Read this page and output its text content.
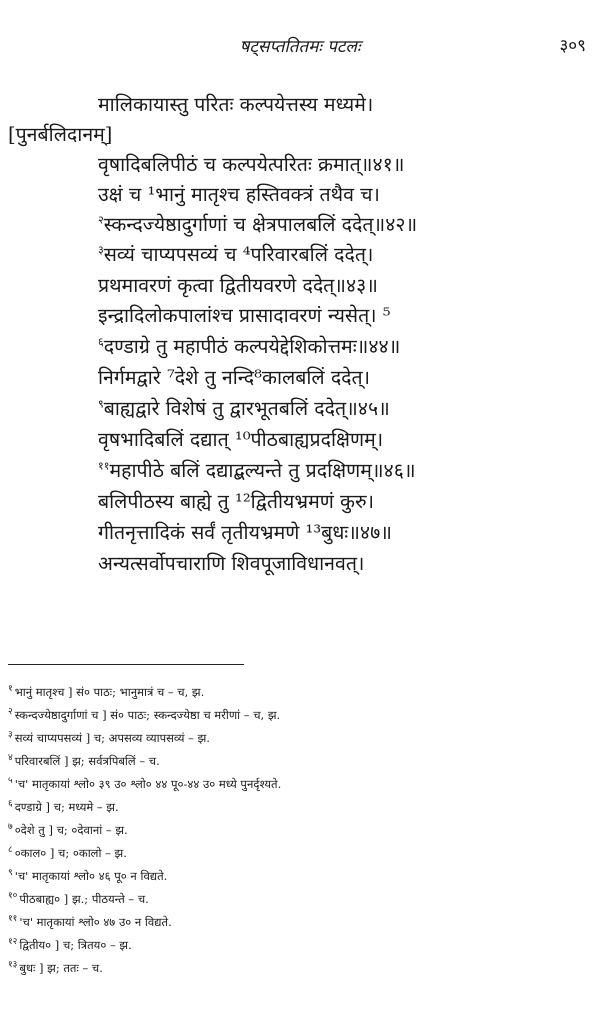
षट्सप्ततितमः पटलः	३०९
मालिकायास्तु परितः कल्पयेत्तस्य मध्यमे।
[पुनर्बलिदानम्]
वृषादिबलिपीठं च कल्पयेत्परितः क्रमात्॥४१॥
उक्षं च ¹भानुं मातृश्च हस्तिवक्त्रं तथैव च।
$^२$स्कन्दज्येष्ठादुर्गाणां च क्षेत्रपालबलिं ददेत्॥४२॥
$^३$सव्यं चाप्यपसव्यं च ⁴परिवारबलिं ददेत्।
प्रथमावरणं कृत्वा द्वितीयवरणे ददेत्॥४३॥
इन्द्रादिलोकपालांश्च प्रासादावरणं न्यसेत्। ⁵
$^६$दण्डाग्रे तु महापीठं कल्पयेद्देशिकोत्तमः॥४४॥
निर्गमद्वारे ⁷देशे तु नन्दि⁸कालबलिं ददेत्।
$^९$बाह्यद्वारे विशेषं तु द्वारभूतबलिं ददेत्॥४५॥
वृषभादिबलिं दद्यात् ¹⁰पीठबाह्यप्रदक्षिणम्।
$^{११}$महापीठे बलिं दद्याद्बल्यन्ते तु प्रदक्षिणम्॥४६॥
बलिपीठस्य बाह्ये तु ¹²द्वितीयभ्रमणं कुरु।
गीतनृत्तादिकं सर्वं तृतीयभ्रमणे ¹³बुधः॥४७॥
अन्यत्सर्वोपचाराणि शिवपूजाविधानवत्।
$^१$ भानुं मातृश्च ] सं० पाठः; भानुमात्रं च – च, झ.
$^२$ स्कन्दज्येष्ठादुर्गाणां च ] सं० पाठः; स्कन्दज्येष्ठा च मरीणां – च, झ.
$^३$ सव्यं चाप्यपसव्यं ] च; अपसव्य व्यापसव्यं – झ.
$^४$ परिवारबलिं ] झ; सर्वत्रपिबलिं – च.
$^५$ 'च' मातृकायां श्लो० ३९ उ० श्लो० ४४ पू०-४४ उ० मध्ये पुनर्दृश्यते.
$^६$ दण्डाग्रे ] च; मध्यमे – झ.
$^७$ ०देशे तु ] च; ०देवानां – झ.
$^८$ ०काल० ] च; ०कालो – झ.
$^९$ 'च' मातृकायां श्लो० ४६ पू० न विद्यते.
$^{१०}$ पीठबाह्य० ] झ.; पीठयन्ते – च.
$^{११}$ 'च' मातृकायां श्लो० ४७ उ० न विद्यते.
$^{१२}$ द्वितीय० ] च; त्रितय० – झ.
$^{१३}$ बुधः ] झ; ततः – च.
